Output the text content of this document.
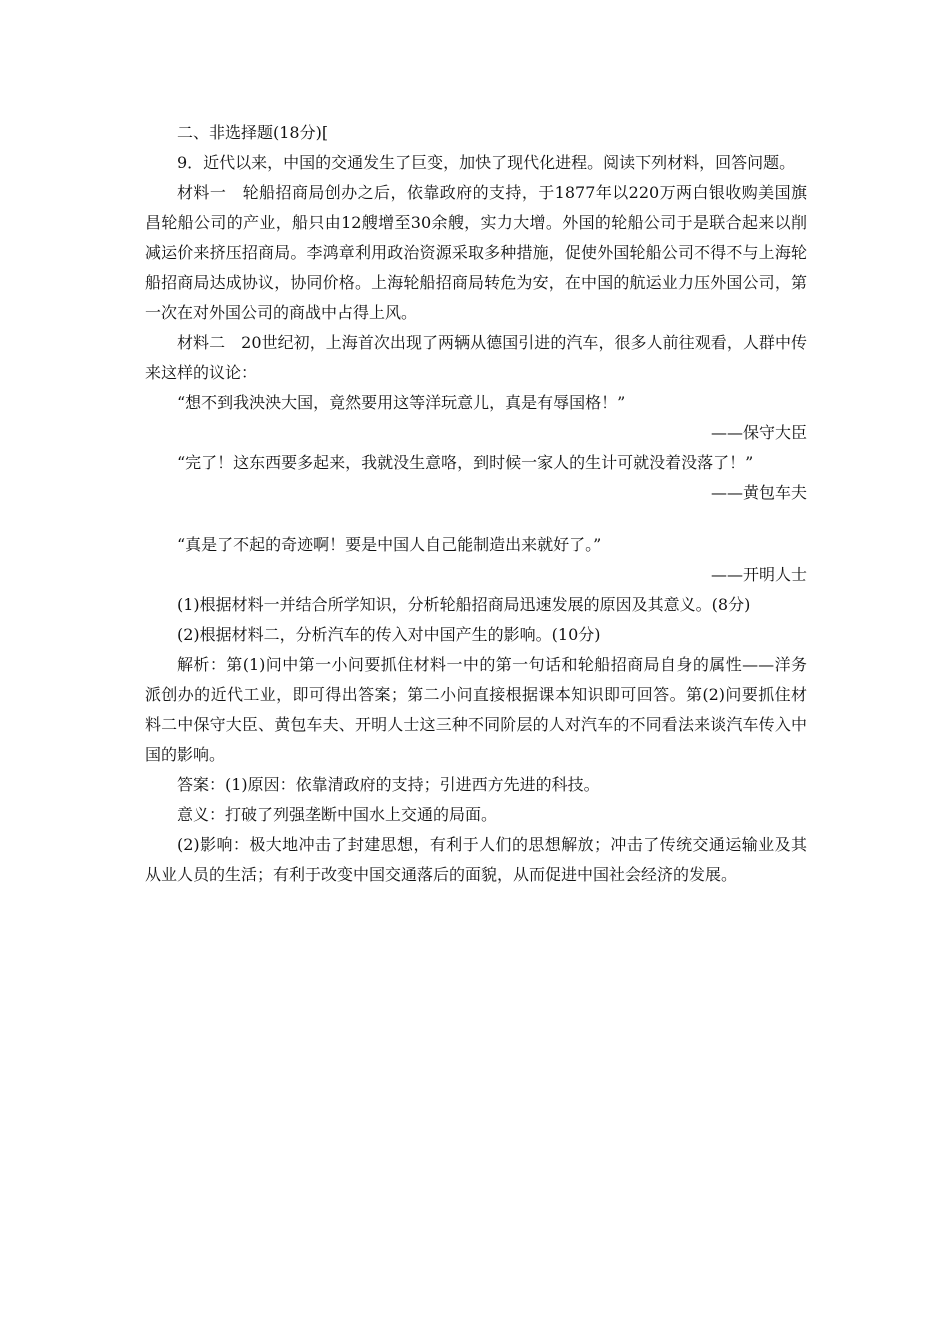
二、非选择题(18分)[

9．近代以来，中国的交通发生了巨变，加快了现代化进程。阅读下列材料，回答问题。

材料一　轮船招商局创办之后，依靠政府的支持，于1877年以220万两白银收购美国旗昌轮船公司的产业，船只由12艘增至30余艘，实力大增。外国的轮船公司于是联合起来以削减运价来挤压招商局。李鸿章利用政治资源采取多种措施，促使外国轮船公司不得不与上海轮船招商局达成协议，协同价格。上海轮船招商局转危为安，在中国的航运业力压外国公司，第一次在对外国公司的商战中占得上风。

材料二　20世纪初，上海首次出现了两辆从德国引进的汽车，很多人前往观看，人群中传来这样的议论：

“想不到我泱泱大国，竟然要用这等洋玩意儿，真是有辱国格！”

——保守大臣

“完了！这东西要多起来，我就没生意咯，到时候一家人的生计可就没着没落了！”

——黄包车夫

“真是了不起的奇迹啊！要是中国人自己能制造出来就好了。”

——开明人士

(1)根据材料一并结合所学知识，分析轮船招商局迅速发展的原因及其意义。(8分)

(2)根据材料二，分析汽车的传入对中国产生的影响。(10分)

解析：第(1)问中第一小问要抓住材料一中的第一句话和轮船招商局自身的属性——洋务派创办的近代工业，即可得出答案；第二小问直接根据课本知识即可回答。第(2)问要抓住材料二中保守大臣、黄包车夫、开明人士这三种不同阶层的人对汽车的不同看法来谈汽车传入中国的影响。

答案：(1)原因：依靠清政府的支持；引进西方先进的科技。

意义：打破了列强垄断中国水上交通的局面。

(2)影响：极大地冲击了封建思想，有利于人们的思想解放；冲击了传统交通运输业及其从业人员的生活；有利于改变中国交通落后的面貌，从而促进中国社会经济的发展。
